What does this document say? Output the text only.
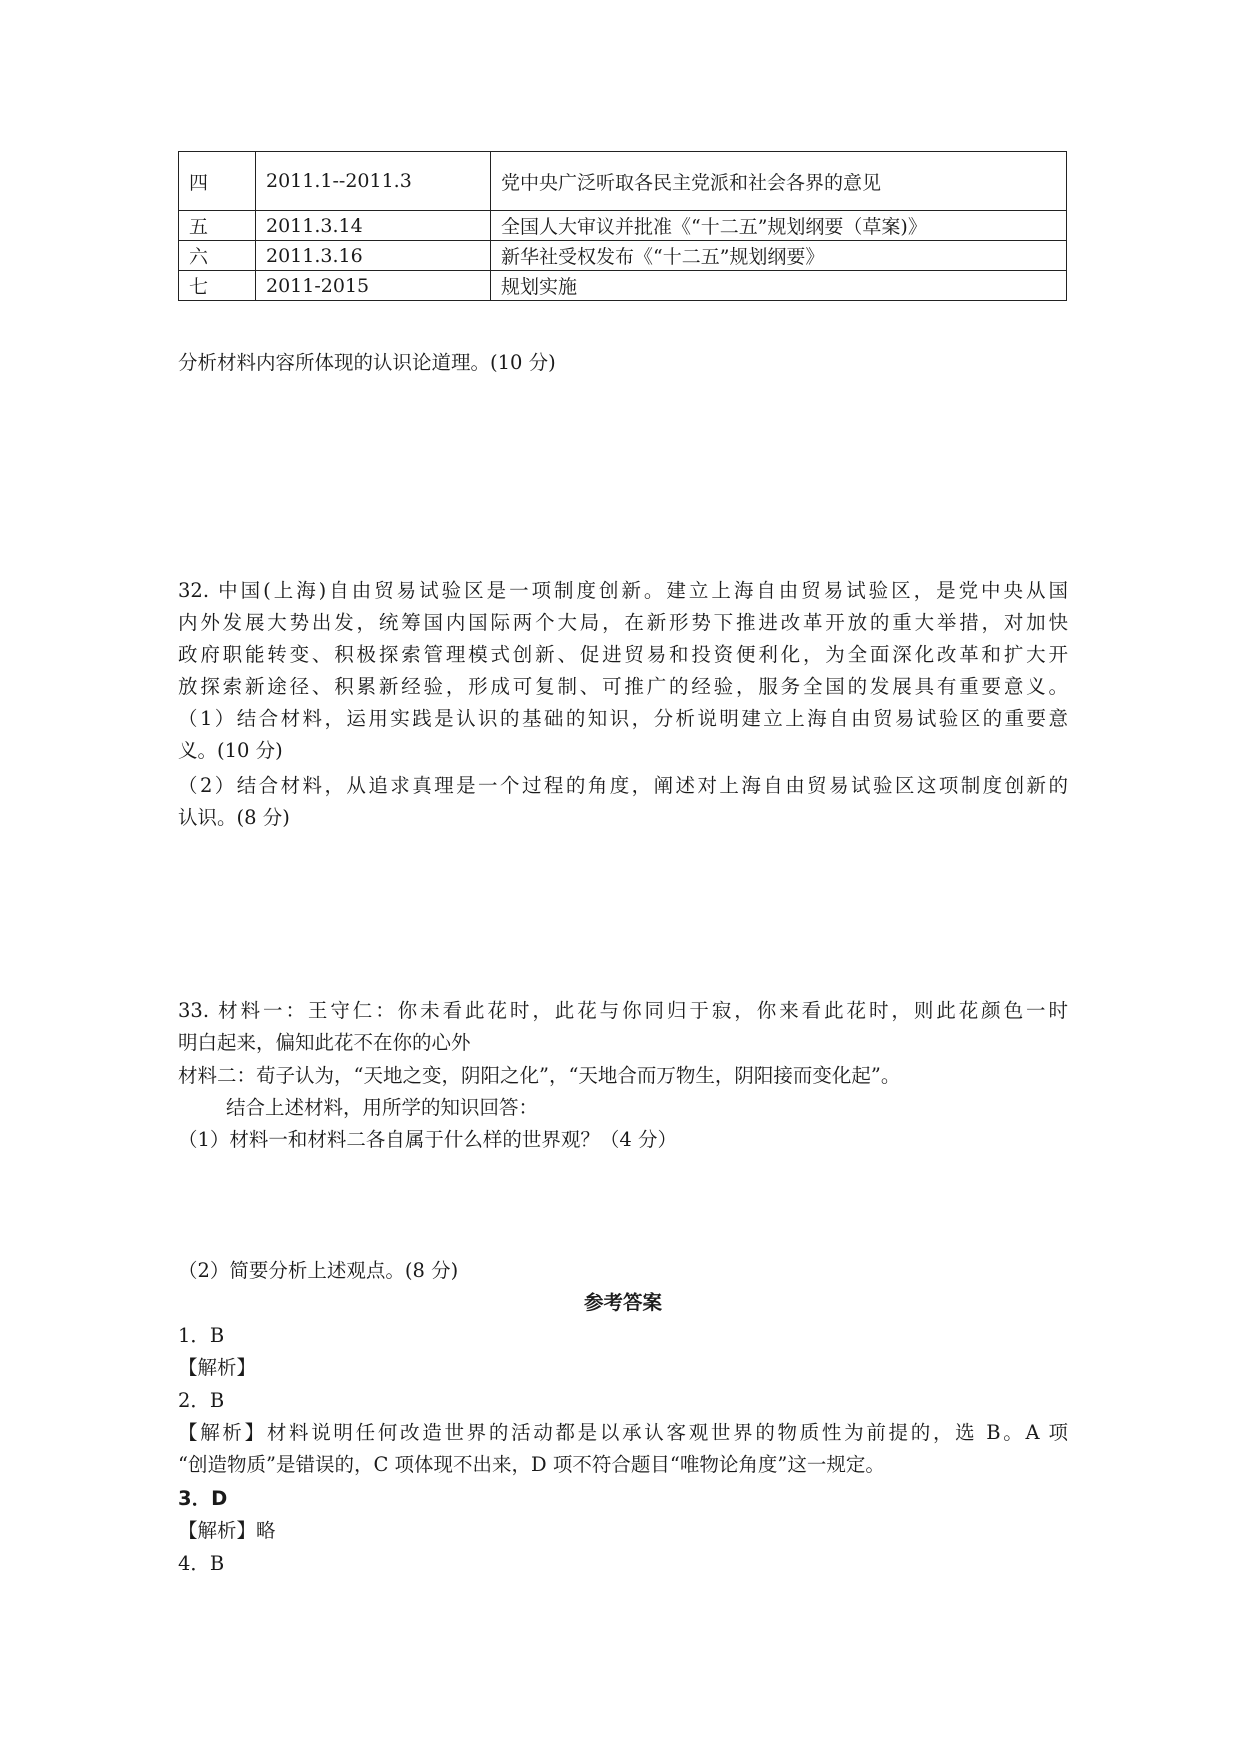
四	2011.1--2011.3	党中央广泛听取各民主党派和社会各界的意见
五	2011.3.14	全国人大审议并批准《“十二五”规划纲要（草案)》
六	2011.3.16	新华社受权发布《“十二五”规划纲要》
七	2011-2015	规划实施
分析材料内容所体现的认识论道理。(10 分)
32. 中国(上海)自由贸易试验区是一项制度创新。建立上海自由贸易试验区，是党中央从国
内外发展大势出发，统筹国内国际两个大局，在新形势下推进改革开放的重大举措，对加快
政府职能转变、积极探索管理模式创新、促进贸易和投资便利化，为全面深化改革和扩大开
放探索新途径、积累新经验，形成可复制、可推广的经验，服务全国的发展具有重要意义。
（1）结合材料，运用实践是认识的基础的知识，分析说明建立上海自由贸易试验区的重要意
义。(10 分)
（2）结合材料，从追求真理是一个过程的角度，阐述对上海自由贸易试验区这项制度创新的
认识。(8 分)
33. 材料一：王守仁：你未看此花时，此花与你同归于寂，你来看此花时，则此花颜色一时
明白起来，偏知此花不在你的心外
材料二：荀子认为，“天地之变，阴阳之化”，“天地合而万物生，阴阳接而变化起”。
结合上述材料，用所学的知识回答：
（1）材料一和材料二各自属于什么样的世界观？（4 分）
（2）简要分析上述观点。(8 分)
参考答案
1．B
【解析】
2．B
【解析】材料说明任何改造世界的活动都是以承认客观世界的物质性为前提的，选 B。A 项
“创造物质”是错误的，C 项体现不出来，D 项不符合题目“唯物论角度”这一规定。
3．D
【解析】略
4．B
